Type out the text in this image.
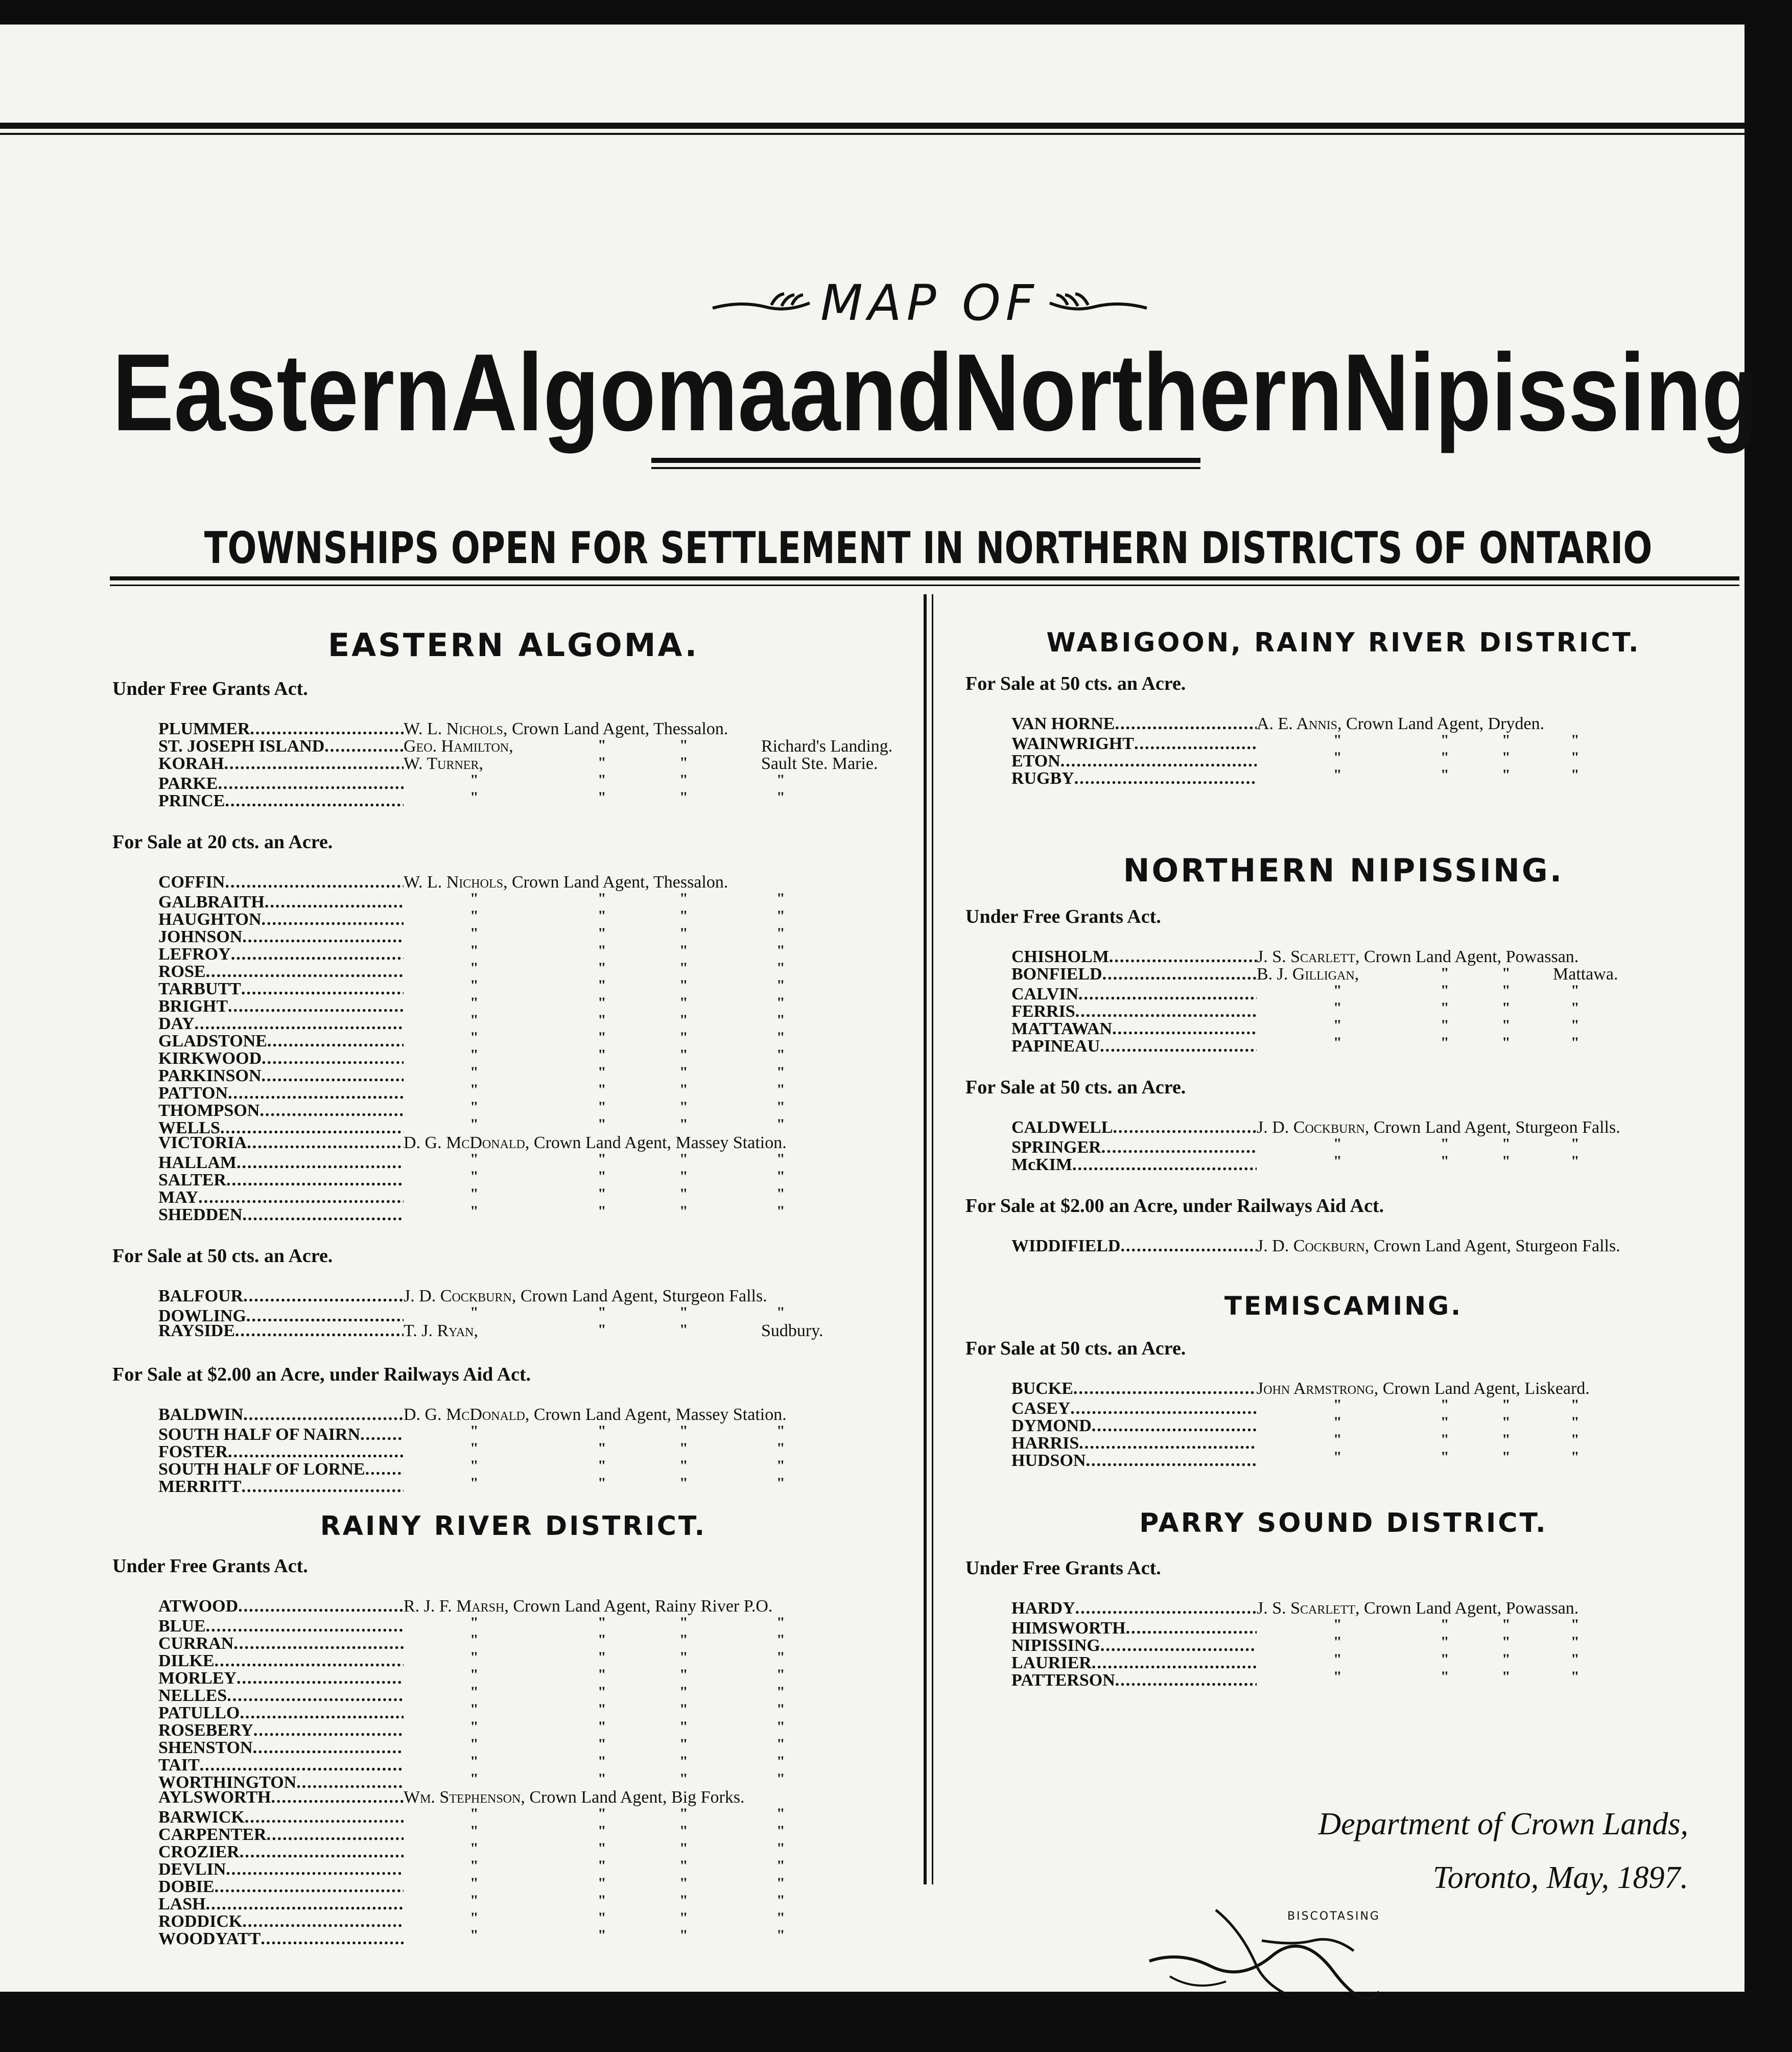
MAP OF
Eastern Algoma and Northern Nipissing
TOWNSHIPS OPEN FOR SETTLEMENT IN NORTHERN DISTRICTS OF ONTARIO
EASTERN ALGOMA.
Under Free Grants Act.
PLUMMER .....	W. L. Nichols, Crown Land Agent, Thessalon.
ST. JOSEPH ISLAND .....	Geo. Hamilton,	"	"	Richard's Landing.
KORAH .....	W. Turner,	"	"	Sault Ste. Marie.
PARKE .....	"	"	"	"
PRINCE .....	"	"	"	"
For Sale at 20 cts. an Acre.
COFFIN .....	W. L. Nichols, Crown Land Agent, Thessalon.
GALBRAITH .....	"	"	"	"
HAUGHTON .....	"	"	"	"
JOHNSON .....	"	"	"	"
LEFROY .....	"	"	"	"
ROSE .....	"	"	"	"
TARBUTT .....	"	"	"	"
BRIGHT .....	"	"	"	"
DAY .....	"	"	"	"
GLADSTONE .....	"	"	"	"
KIRKWOOD .....	"	"	"	"
PARKINSON .....	"	"	"	"
PATTON .....	"	"	"	"
THOMPSON .....	"	"	"	"
WELLS .....	"	"	"	"
VICTORIA .....	D. G. McDonald, Crown Land Agent, Massey Station.
HALLAM .....	"	"	"	"
SALTER .....	"	"	"	"
MAY .....	"	"	"	"
SHEDDEN .....	"	"	"	"
For Sale at 50 cts. an Acre.
BALFOUR .....	J. D. Cockburn, Crown Land Agent, Sturgeon Falls.
DOWLING .....	"	"	"	"
RAYSIDE .....	T. J. Ryan,	"	"	Sudbury.
For Sale at $2.00 an Acre, under Railways Aid Act.
BALDWIN .....	D. G. McDonald, Crown Land Agent, Massey Station.
SOUTH HALF OF NAIRN .....	"	"	"	"
FOSTER .....	"	"	"	"
SOUTH HALF OF LORNE .....	"	"	"	"
MERRITT .....	"	"	"	"
RAINY RIVER DISTRICT.
Under Free Grants Act.
ATWOOD .....	R. J. F. Marsh, Crown Land Agent, Rainy River P.O.
BLUE .....	"	"	"	"
CURRAN .....	"	"	"	"
DILKE .....	"	"	"	"
MORLEY .....	"	"	"	"
NELLES .....	"	"	"	"
PATULLO .....	"	"	"	"
ROSEBERY .....	"	"	"	"
SHENSTON .....	"	"	"	"
TAIT .....	"	"	"	"
WORTHINGTON .....	"	"	"	"
AYLSWORTH .....	Wm. Stephenson, Crown Land Agent, Big Forks.
BARWICK .....	"	"	"	"
CARPENTER .....	"	"	"	"
CROZIER .....	"	"	"	"
DEVLIN .....	"	"	"	"
DOBIE .....	"	"	"	"
LASH .....	"	"	"	"
RODDICK .....	"	"	"	"
WOODYATT .....	"	"	"	"
WABIGOON, RAINY RIVER DISTRICT.
For Sale at 50 cts. an Acre.
VAN HORNE .....	A. E. Annis, Crown Land Agent, Dryden.
WAINWRIGHT .....	"	"	"	"
ETON .....	"	"	"	"
RUGBY .....	"	"	"	"
NORTHERN NIPISSING.
Under Free Grants Act.
CHISHOLM .....	J. S. Scarlett, Crown Land Agent, Powassan.
BONFIELD .....	B. J. Gilligan,	"	" Mattawa.
CALVIN .....	"	"	"	"
FERRIS .....	"	"	"	"
MATTAWAN .....	"	"	"	"
PAPINEAU .....	"	"	"	"
For Sale at 50 cts. an Acre.
CALDWELL .....	J. D. Cockburn, Crown Land Agent, Sturgeon Falls.
SPRINGER .....	"	"	"	"
McKIM .....	"	"	"	"
For Sale at $2.00 an Acre, under Railways Aid Act.
WIDDIFIELD .....	J. D. Cockburn, Crown Land Agent, Sturgeon Falls.
TEMISCAMING.
For Sale at 50 cts. an Acre.
BUCKE .....	John Armstrong, Crown Land Agent, Liskeard.
CASEY .....	"	"	"	"
DYMOND .....	"	"	"	"
HARRIS .....	"	"	"	"
HUDSON .....	"	"	"	"
PARRY SOUND DISTRICT.
Under Free Grants Act.
HARDY .....	J. S. Scarlett, Crown Land Agent, Powassan.
HIMSWORTH .....	"	"	"	"
NIPISSING .....	"	"	"	"
LAURIER .....	"	"	"	"
PATTERSON .....	"	"	"	"
Department of Crown Lands,
Toronto, May, 1897.
BISCOTASING
